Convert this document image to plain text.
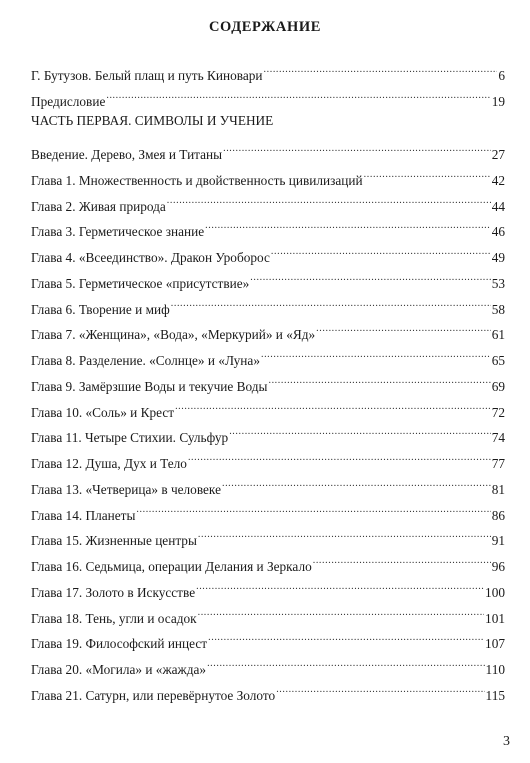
СОДЕРЖАНИЕ
Г. Бутузов. Белый плащ и путь Киновари .....	6
Предисловие .....	19
ЧАСТЬ ПЕРВАЯ. СИМВОЛЫ И УЧЕНИЕ
Введение. Дерево, Змея и Титаны .....	27
Глава 1. Множественность и двойственность цивилизаций .....	42
Глава 2. Живая природа .....	44
Глава 3. Герметическое знание .....	46
Глава 4. «Всеединство». Дракон Уроборос .....	49
Глава 5. Герметическое «присутствие» .....	53
Глава 6. Творение и миф .....	58
Глава 7. «Женщина», «Вода», «Меркурий» и «Яд» .....	61
Глава 8. Разделение. «Солнце» и «Луна» .....	65
Глава 9. Замёрзшие Воды и текучие Воды .....	69
Глава 10. «Соль» и Крест .....	72
Глава 11. Четыре Стихии. Сульфур .....	74
Глава 12. Душа, Дух и Тело .....	77
Глава 13. «Четверица» в человеке .....	81
Глава 14. Планеты .....	86
Глава 15. Жизненные центры .....	91
Глава 16. Седьмица, операции Делания и Зеркало .....	96
Глава 17. Золото в Искусстве .....	100
Глава 18. Тень, угли и осадок .....	101
Глава 19. Философский инцест .....	107
Глава 20. «Могила» и «жажда» .....	110
Глава 21. Сатурн, или перевёрнутое Золото .....	115
3
